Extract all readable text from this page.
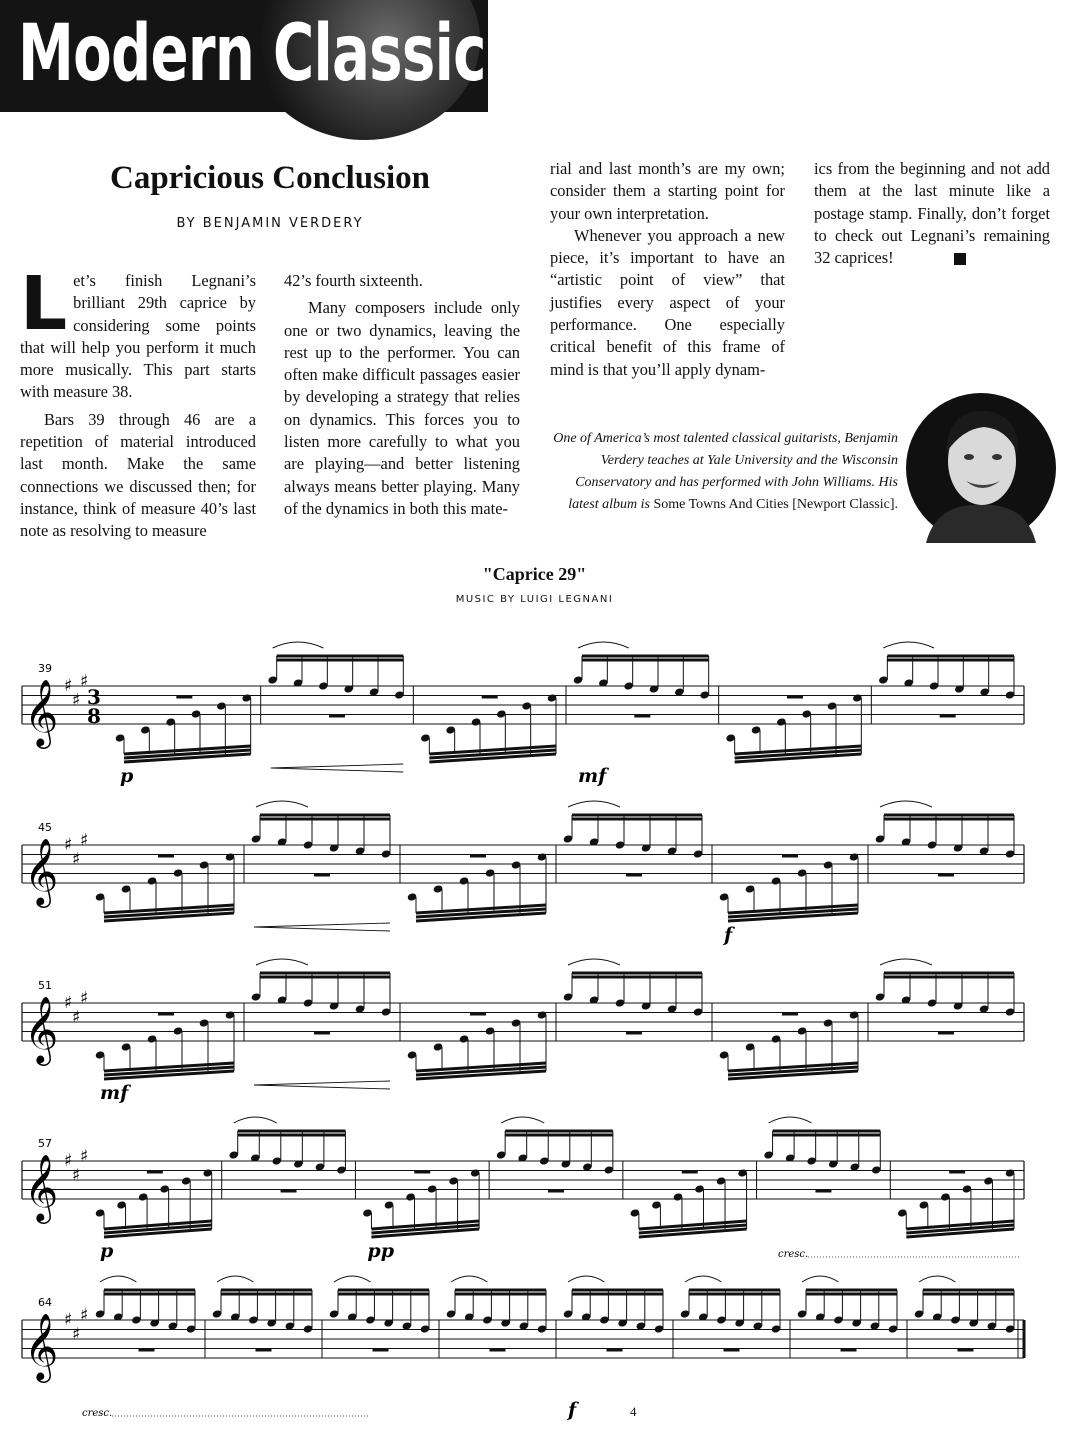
Modern Classical
Capricious Conclusion
BY BENJAMIN VERDERY

Let’s finish Legnani’s brilliant 29th caprice by considering some points that will help you perform it much more musically. This part starts with measure 38.

Bars 39 through 46 are a repetition of material introduced last month. Make the same connections we discussed then; for instance, think of measure 40’s last note as resolving to measure

42’s fourth sixteenth.

Many composers include only one or two dynamics, leaving the rest up to the performer. You can often make difficult passages easier by developing a strategy that relies on dynamics. This forces you to listen more carefully to what you are playing—and better listening always means better playing. Many of the dynamics in both this mate-

rial and last month’s are my own; consider them a starting point for your own interpretation.

Whenever you approach a new piece, it’s important to have an “artistic point of view” that justifies every aspect of your performance. One especially critical benefit of this frame of mind is that you’ll apply dynam-

ics from the beginning and not add them at the last minute like a postage stamp. Finally, don’t forget to check out Legnani’s remaining 32 caprices!

One of America’s most talented classical guitarists, Benjamin Verdery teaches at Yale University and the Wisconsin Conservatory and has performed with John Williams. His latest album is Some Towns And Cities [Newport Classic].
"Caprice 29"
MUSIC BY LUIGI LEGNANI
𝄞 ♯
♯
♯
3
8
39
p	mf
𝄞 ♯
♯
♯
45
f
𝄞 ♯
♯
♯
51
mf
𝄞 ♯
♯
♯
57
p	pp	cresc.
𝄞 ♯
♯
♯
64
f
cresc.	4
